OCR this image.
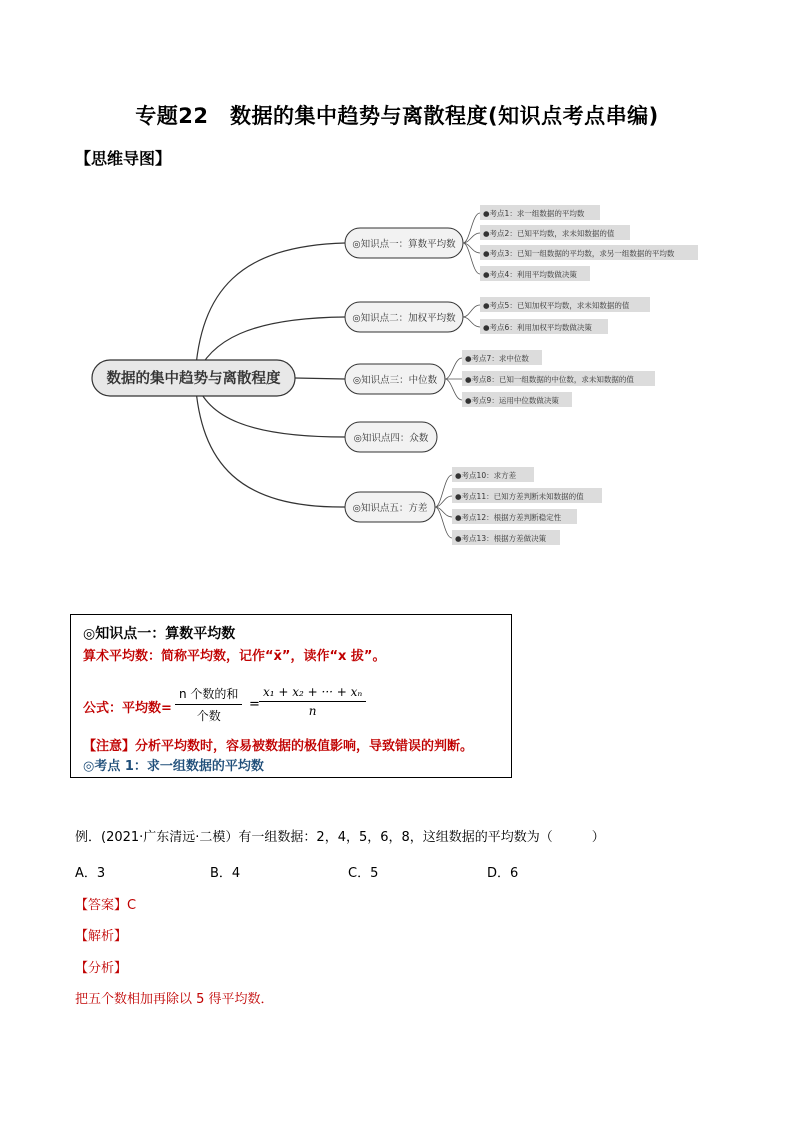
专题22　数据的集中趋势与离散程度(知识点考点串编)
【思维导图】
数据的集中趋势与离散程度
◎知识点一：算数平均数
●考点1：求一组数据的平均数
●考点2：已知平均数，求未知数据的值
●考点3：已知一组数据的平均数，求另一组数据的平均数
●考点4：利用平均数做决策
◎知识点二：加权平均数
●考点5：已知加权平均数，求未知数据的值
●考点6：利用加权平均数做决策
◎知识点三：中位数
●考点7：求中位数
●考点8：已知一组数据的中位数，求未知数据的值
●考点9：运用中位数做决策
◎知识点四：众数
◎知识点五：方差
●考点10：求方差
●考点11：已知方差判断未知数据的值
●考点12：根据方差判断稳定性
●考点13：根据方差做决策
◎知识点一：算数平均数
算术平均数：简称平均数，记作“x̄”，读作“x 拔”。
公式：平均数=
n 个数的和
个数
=
x₁ + x₂ + ··· + xₙ
n
【注意】分析平均数时，容易被数据的极值影响，导致错误的判断。
◎考点 1：求一组数据的平均数
例．(2021·广东清远·二模）有一组数据：2，4，5，6，8，这组数据的平均数为（　　　）
A．3	B．4	C．5	D．6
【答案】C
【解析】
【分析】
把五个数相加再除以 5 得平均数．
